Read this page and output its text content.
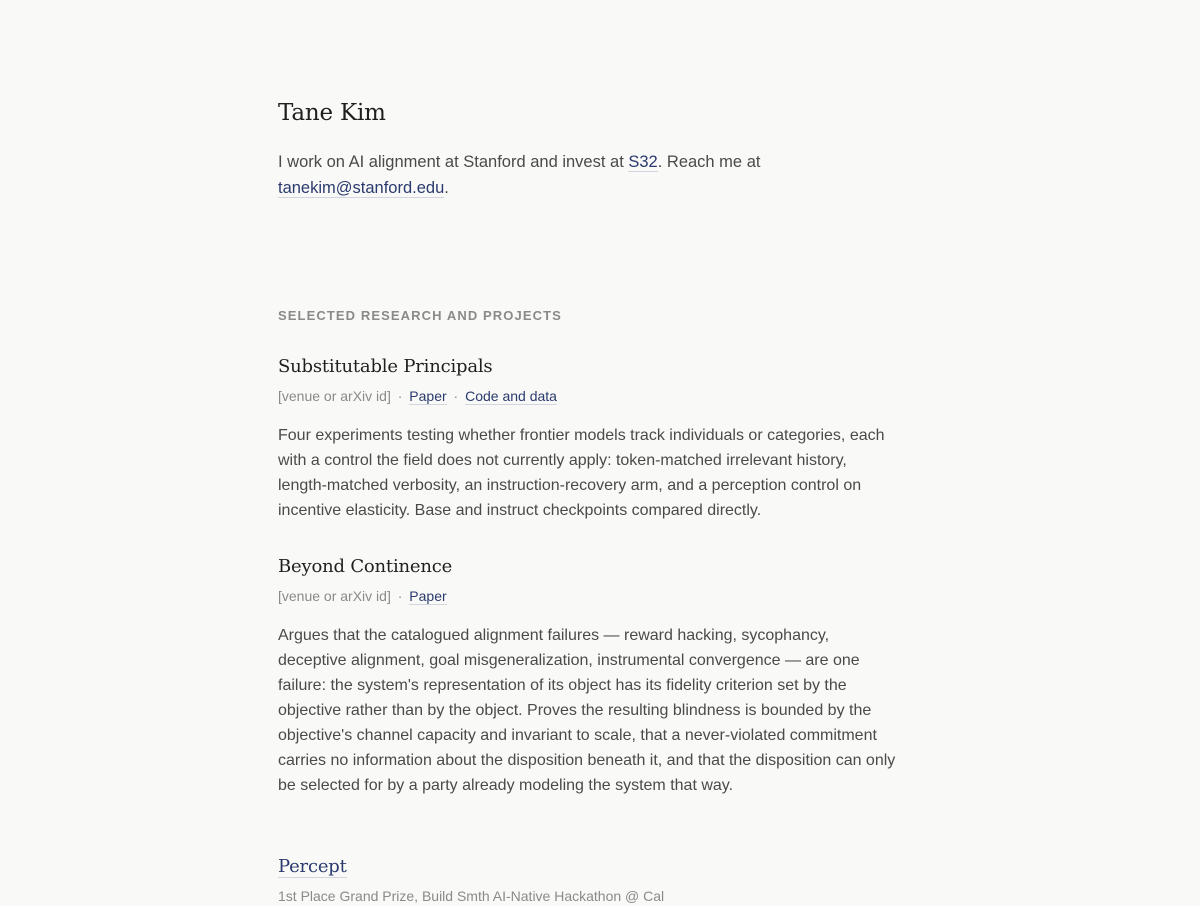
Tane Kim

I work on AI alignment at Stanford and invest at S32. Reach me at
tanekim@stanford.edu.

SELECTED RESEARCH AND PROJECTS
Substitutable Principals
[venue or arXiv id] · Paper · Code and data

Four experiments testing whether frontier models track individuals or categories, each with a control the field does not currently apply: token-matched irrelevant history, length-matched verbosity, an instruction-recovery arm, and a perception control on incentive elasticity. Base and instruct checkpoints compared directly.

Beyond Continence
[venue or arXiv id] · Paper

Argues that the catalogued alignment failures — reward hacking, sycophancy, deceptive alignment, goal misgeneralization, instrumental convergence — are one failure: the system's representation of its object has its fidelity criterion set by the objective rather than by the object. Proves the resulting blindness is bounded by the objective's channel capacity and invariant to scale, that a never-violated commitment carries no information about the disposition beneath it, and that the disposition can only be selected for by a party already modeling the system that way.

Percept
1st Place Grand Prize, Build Smth AI-Native Hackathon @ Cal
